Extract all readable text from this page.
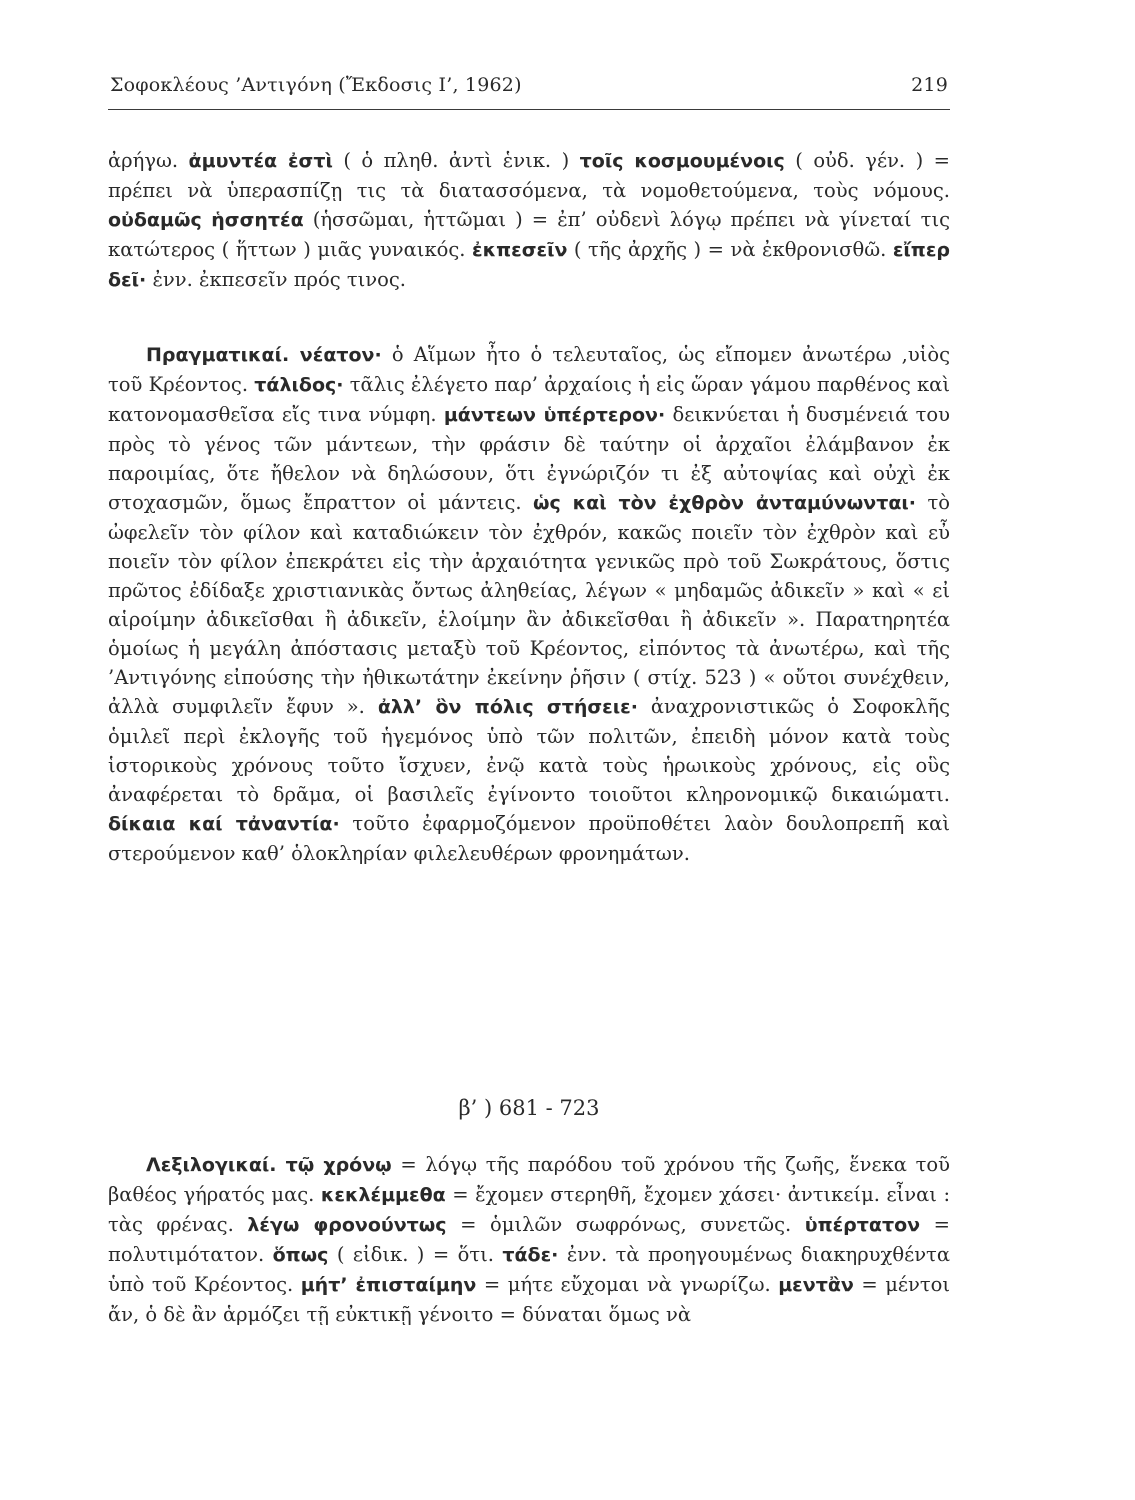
Σοφοκλέους ’Αντιγόνη (Ἔκδοσις Ι’, 1962)	219

ἀρήγω. ἀμυντέα ἐστὶ ( ὁ πληθ. ἀντὶ ἑνικ. ) τοῖς κοσμουμένοις ( οὐδ. γέν. ) = πρέπει νὰ ὑπερασπίζῃ τις τὰ διατασσόμενα, τὰ νομοθετούμενα, τοὺς νόμους. οὐδαμῶς ἡσσητέα (ἡσσῶμαι, ἡττῶμαι ) = ἐπ’ οὐδενὶ λόγῳ πρέπει νὰ γίνεταί τις κατώτερος ( ἥττων ) μιᾶς γυναικός. ἐκπεσεῖν ( τῆς ἀρχῆς ) = νὰ ἐκθρονισθῶ. εἴπερ δεῖ· ἐνν. ἐκπεσεῖν πρός τινος.

Πραγματικαί. νέατον· ὁ Αἵμων ἦτο ὁ τελευταῖος, ὡς εἴπομεν ἀνωτέρω ,υἱὸς τοῦ Κρέοντος. τάλιδος· τᾶλις ἐλέγετο παρ’ ἀρχαίοις ἡ εἰς ὥραν γάμου παρθένος καὶ κατονομασθεῖσα εἴς τινα νύμφη. μάντεων ὑπέρτερον· δεικνύεται ἡ δυσμένειά του πρὸς τὸ γένος τῶν μάντεων, τὴν φράσιν δὲ ταύτην οἱ ἀρχαῖοι ἐλάμβανον ἐκ παροιμίας, ὅτε ἤθελον νὰ δηλώσουν, ὅτι ἐγνώριζόν τι ἐξ αὐτοψίας καὶ οὐχὶ ἐκ στοχασμῶν, ὅμως ἔπραττον οἱ μάντεις. ὡς καὶ τὸν ἐχθρὸν ἀνταμύνωνται· τὸ ὠφελεῖν τὸν φίλον καὶ καταδιώκειν τὸν ἐχθρόν, κακῶς ποιεῖν τὸν ἐχθρὸν καὶ εὖ ποιεῖν τὸν φίλον ἐπεκράτει εἰς τὴν ἀρχαιότητα γενικῶς πρὸ τοῦ Σωκράτους, ὅστις πρῶτος ἐδίδαξε χριστιανικὰς ὄντως ἀληθείας, λέγων « μηδαμῶς ἀδικεῖν » καὶ « εἰ αἱροίμην ἀδικεῖσθαι ἢ ἀδικεῖν, ἑλοίμην ἂν ἀδικεῖσθαι ἢ ἀδικεῖν ». Παρατηρητέα ὁμοίως ἡ μεγάλη ἀπόστασις μεταξὺ τοῦ Κρέοντος, εἰπόντος τὰ ἀνωτέρω, καὶ τῆς ’Αντιγόνης εἰπούσης τὴν ἠθικωτάτην ἐκείνην ῥῆσιν ( στίχ. 523 ) « οὔτοι συνέχθειν, ἀλλὰ συμφιλεῖν ἔφυν ». ἀλλ’ ὃν πόλις στήσειε· ἀναχρονιστικῶς ὁ Σοφοκλῆς ὁμιλεῖ περὶ ἐκλογῆς τοῦ ἡγεμόνος ὑπὸ τῶν πολιτῶν, ἐπειδὴ μόνον κατὰ τοὺς ἱστορικοὺς χρόνους τοῦτο ἴσχυεν, ἐνῷ κατὰ τοὺς ἡρωικοὺς χρόνους, εἰς οὓς ἀναφέρεται τὸ δρᾶμα, οἱ βασιλεῖς ἐγίνοντο τοιοῦτοι κληρονομικῷ δικαιώματι. δίκαια καί τἀναντία· τοῦτο ἐφαρμοζόμενον προϋποθέτει λαὸν δουλοπρεπῆ καὶ στερούμενον καθ’ ὁλοκληρίαν φιλελευθέρων φρονημάτων.

β’ ) 681 - 723

Λεξιλογικαί. τῷ χρόνῳ = λόγῳ τῆς παρόδου τοῦ χρόνου τῆς ζωῆς, ἕνεκα τοῦ βαθέος γήρατός μας. κεκλέμμεθα = ἔχομεν στερηθῆ, ἔχομεν χάσει· ἀντικείμ. εἶναι : τὰς φρένας. λέγω φρονούντως = ὁμιλῶν σωφρόνως, συνετῶς. ὑπέρτατον = πολυτιμότατον. ὅπως ( εἰδικ. ) = ὅτι. τάδε· ἐνν. τὰ προηγουμένως διακηρυχθέντα ὑπὸ τοῦ Κρέοντος. μήτ’ ἐπισταίμην = μήτε εὔχομαι νὰ γνωρίζω. μεντἂν = μέντοι ἄν, ὁ δὲ ἂν ἁρμόζει τῇ εὐκτικῇ γένοιτο = δύναται ὅμως νὰ
